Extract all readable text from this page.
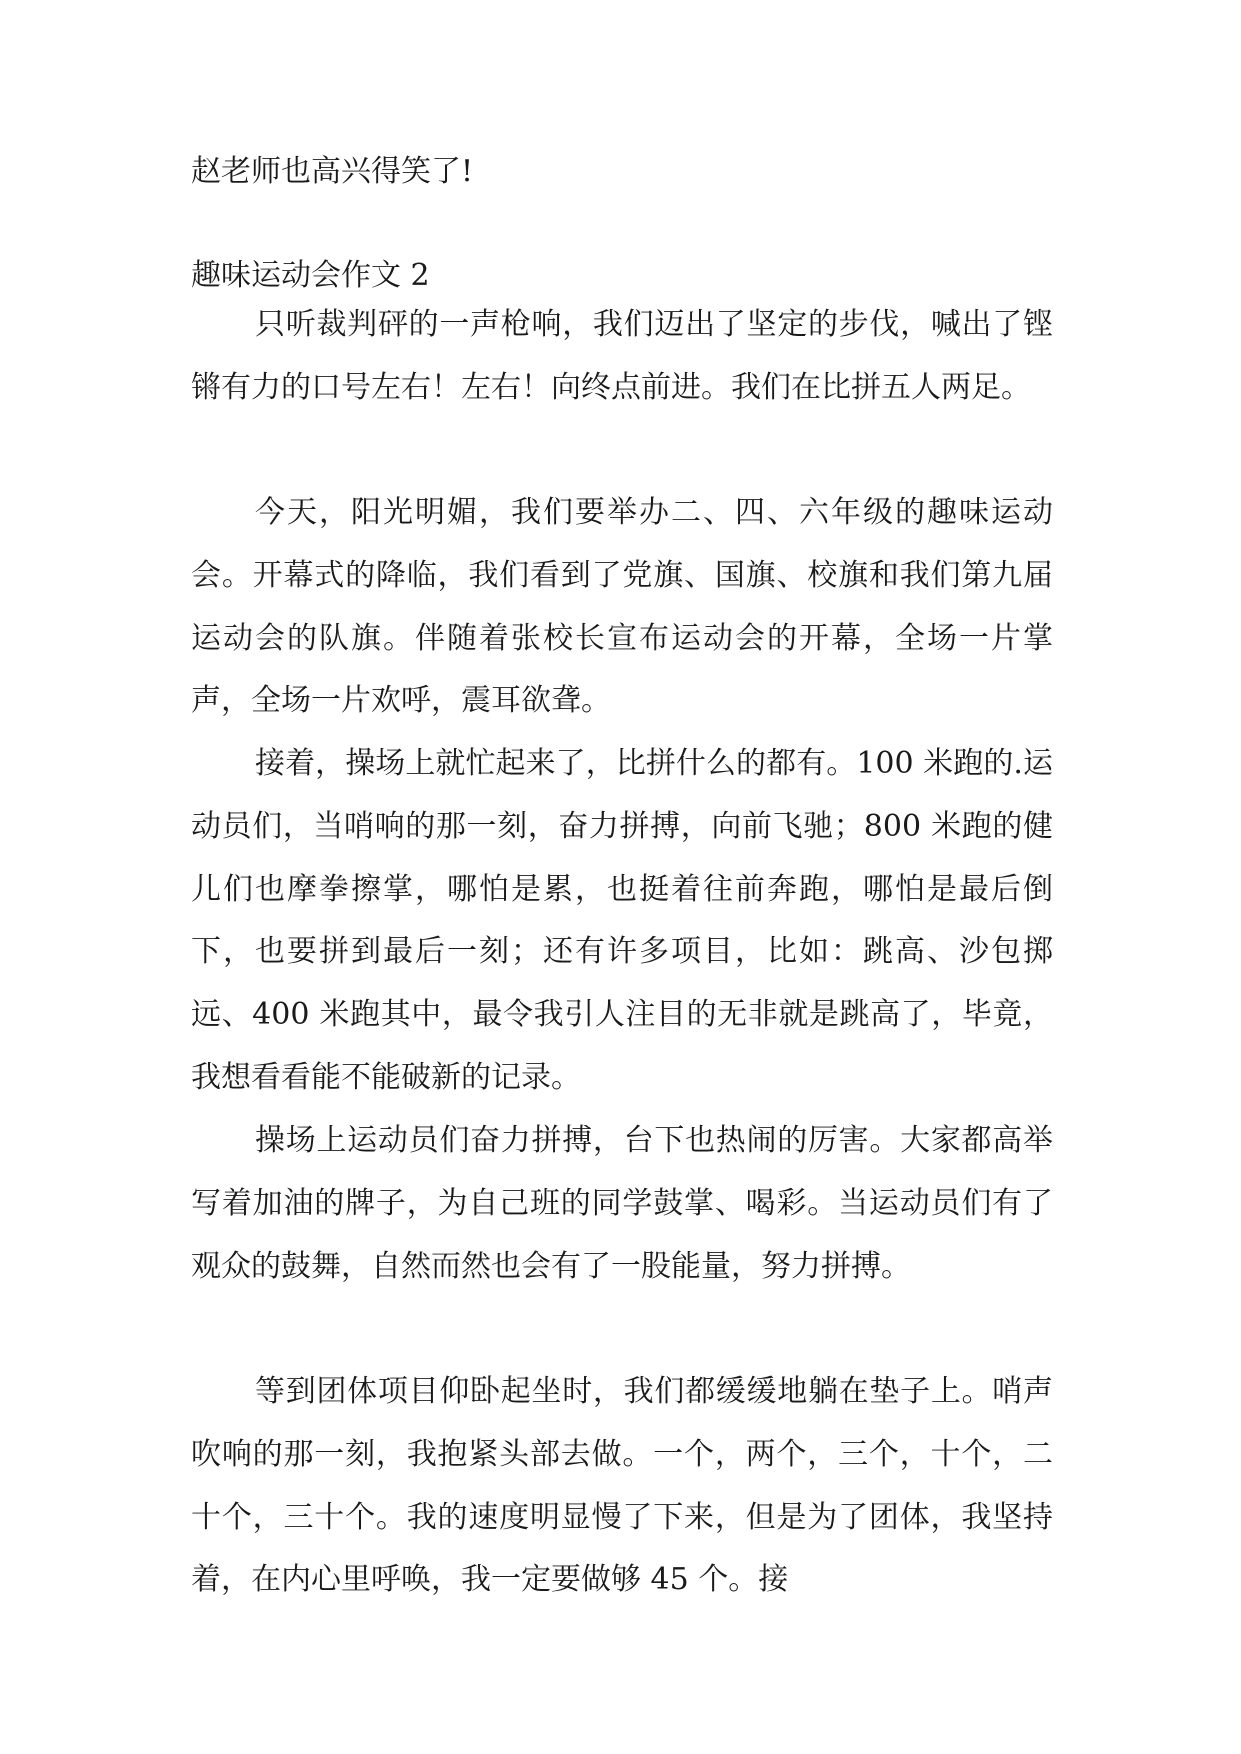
赵老师也高兴得笑了!
趣味运动会作文 2

只听裁判砰的一声枪响，我们迈出了坚定的步伐，喊出了铿锵有力的口号左右！左右！向终点前进。我们在比拼五人两足。

今天，阳光明媚，我们要举办二、四、六年级的趣味运动会。开幕式的降临，我们看到了党旗、国旗、校旗和我们第九届运动会的队旗。伴随着张校长宣布运动会的开幕，全场一片掌声，全场一片欢呼，震耳欲聋。

接着，操场上就忙起来了，比拼什么的都有。100 米跑的.运动员们，当哨响的那一刻，奋力拼搏，向前飞驰；800 米跑的健儿们也摩拳擦掌，哪怕是累，也挺着往前奔跑，哪怕是最后倒下，也要拼到最后一刻；还有许多项目，比如：跳高、沙包掷远、400 米跑其中，最令我引人注目的无非就是跳高了，毕竟，我想看看能不能破新的记录。

操场上运动员们奋力拼搏，台下也热闹的厉害。大家都高举写着加油的牌子，为自己班的同学鼓掌、喝彩。当运动员们有了观众的鼓舞，自然而然也会有了一股能量，努力拼搏。

等到团体项目仰卧起坐时，我们都缓缓地躺在垫子上。哨声吹响的那一刻，我抱紧头部去做。一个，两个，三个，十个，二十个，三十个。我的速度明显慢了下来，但是为了团体，我坚持着，在内心里呼唤，我一定要做够 45 个。接
